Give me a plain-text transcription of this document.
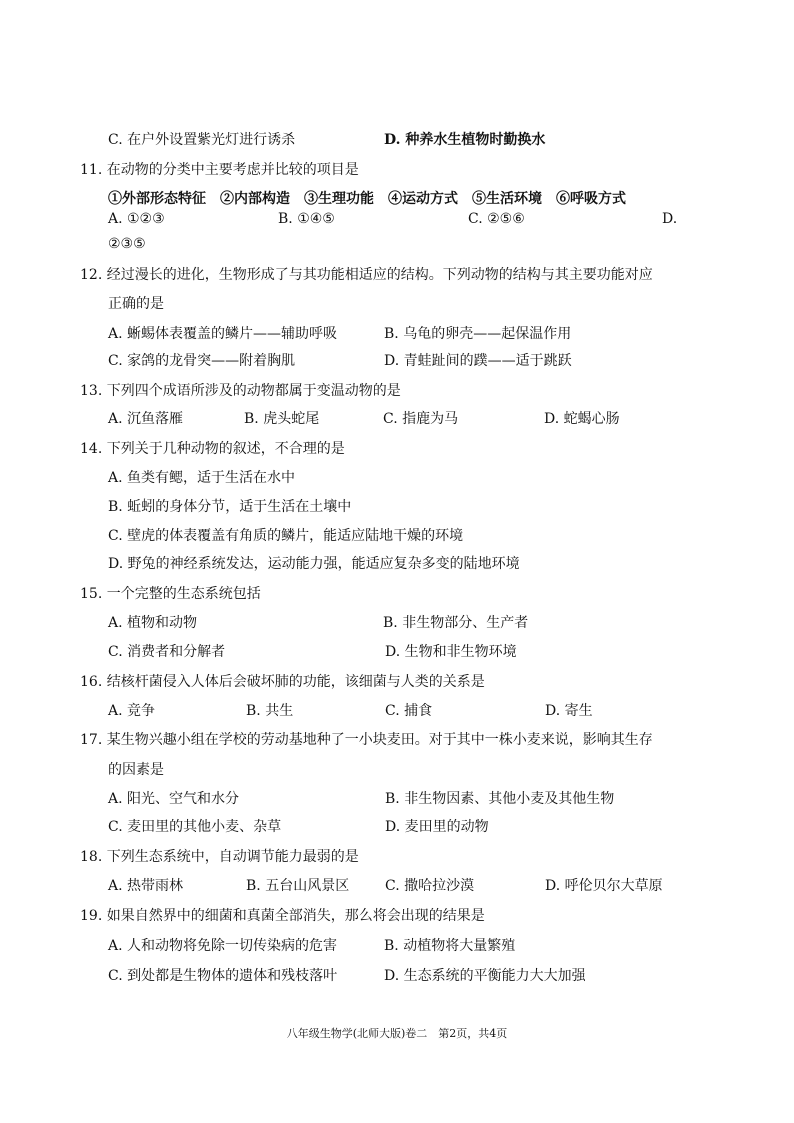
C. 在户外设置紫光灯进行诱杀	D. 种养水生植物时勤换水
11. 在动物的分类中主要考虑并比较的项目是
①外部形态特征　②内部构造　③生理功能　④运动方式　⑤生活环境　⑥呼吸方式
A. ①②③	B. ①④⑤	C. ②⑤⑥	D.
②③⑤
12. 经过漫长的进化，生物形成了与其功能相适应的结构。下列动物的结构与其主要功能对应
正确的是
A. 蜥蜴体表覆盖的鳞片——辅助呼吸	B. 乌龟的卵壳——起保温作用
C. 家鸽的龙骨突——附着胸肌	D. 青蛙趾间的蹼——适于跳跃
13. 下列四个成语所涉及的动物都属于变温动物的是
A. 沉鱼落雁	B. 虎头蛇尾	C. 指鹿为马	D. 蛇蝎心肠
14. 下列关于几种动物的叙述，不合理的是
A. 鱼类有鳃，适于生活在水中
B. 蚯蚓的身体分节，适于生活在土壤中
C. 壁虎的体表覆盖有角质的鳞片，能适应陆地干燥的环境
D. 野兔的神经系统发达，运动能力强，能适应复杂多变的陆地环境
15. 一个完整的生态系统包括
A. 植物和动物	B. 非生物部分、生产者
C. 消费者和分解者	D. 生物和非生物环境
16. 结核杆菌侵入人体后会破坏肺的功能，该细菌与人类的关系是
A. 竞争	B. 共生	C. 捕食	D. 寄生
17. 某生物兴趣小组在学校的劳动基地种了一小块麦田。对于其中一株小麦来说，影响其生存
的因素是
A. 阳光、空气和水分	B. 非生物因素、其他小麦及其他生物
C. 麦田里的其他小麦、杂草	D. 麦田里的动物
18. 下列生态系统中，自动调节能力最弱的是
A. 热带雨林	B. 五台山风景区	C. 撒哈拉沙漠	D. 呼伦贝尔大草原
19. 如果自然界中的细菌和真菌全部消失，那么将会出现的结果是
A. 人和动物将免除一切传染病的危害	B. 动植物将大量繁殖
C. 到处都是生物体的遗体和残枝落叶	D. 生态系统的平衡能力大大加强
八年级生物学(北师大版)卷二　第2页，共4页
